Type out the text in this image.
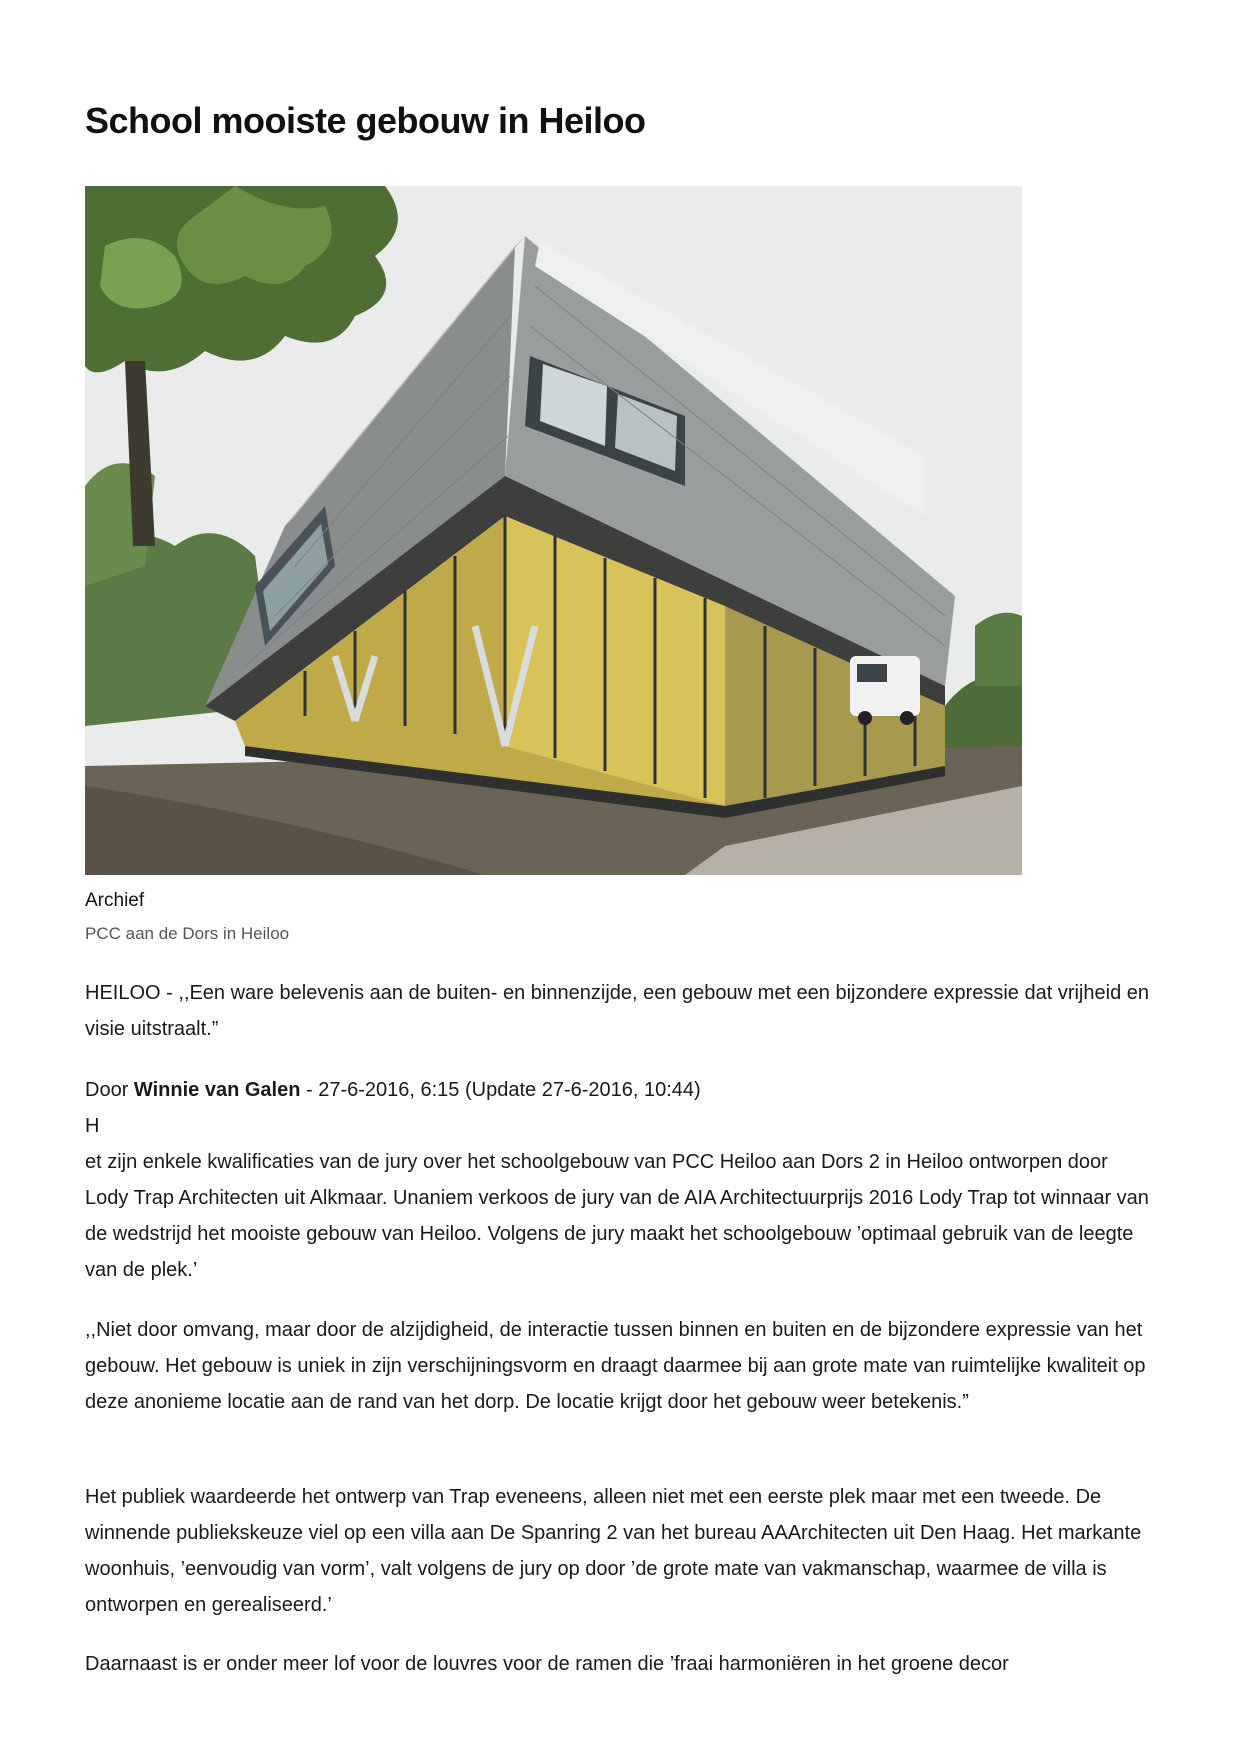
School mooiste gebouw in Heiloo
Archief
PCC aan de Dors in Heiloo

HEILOO - ,,Een ware belevenis aan de buiten- en binnenzijde, een gebouw met een bijzondere expressie dat vrijheid en visie uitstraalt.”

Door Winnie van Galen - 27-6-2016, 6:15 (Update 27-6-2016, 10:44)

H

et zijn enkele kwalificaties van de jury over het schoolgebouw van PCC Heiloo aan Dors 2 in Heiloo ontworpen door Lody Trap Architecten uit Alkmaar. Unaniem verkoos de jury van de AIA Architectuurprijs 2016 Lody Trap tot winnaar van de wedstrijd het mooiste gebouw van Heiloo. Volgens de jury maakt het schoolgebouw ’optimaal gebruik van de leegte van de plek.’

,,Niet door omvang, maar door de alzijdigheid, de interactie tussen binnen en buiten en de bijzondere expressie van het gebouw. Het gebouw is uniek in zijn verschijningsvorm en draagt daarmee bij aan grote mate van ruimtelijke kwaliteit op deze anonieme locatie aan de rand van het dorp. De locatie krijgt door het gebouw weer betekenis.”

Het publiek waardeerde het ontwerp van Trap eveneens, alleen niet met een eerste plek maar met een tweede. De winnende publiekskeuze viel op een villa aan De Spanring 2 van het bureau AAArchitecten uit Den Haag. Het markante woonhuis, ’eenvoudig van vorm’, valt volgens de jury op door ’de grote mate van vakmanschap, waarmee de villa is ontworpen en gerealiseerd.’

Daarnaast is er onder meer lof voor de louvres voor de ramen die ’fraai harmoniëren in het groene decor
